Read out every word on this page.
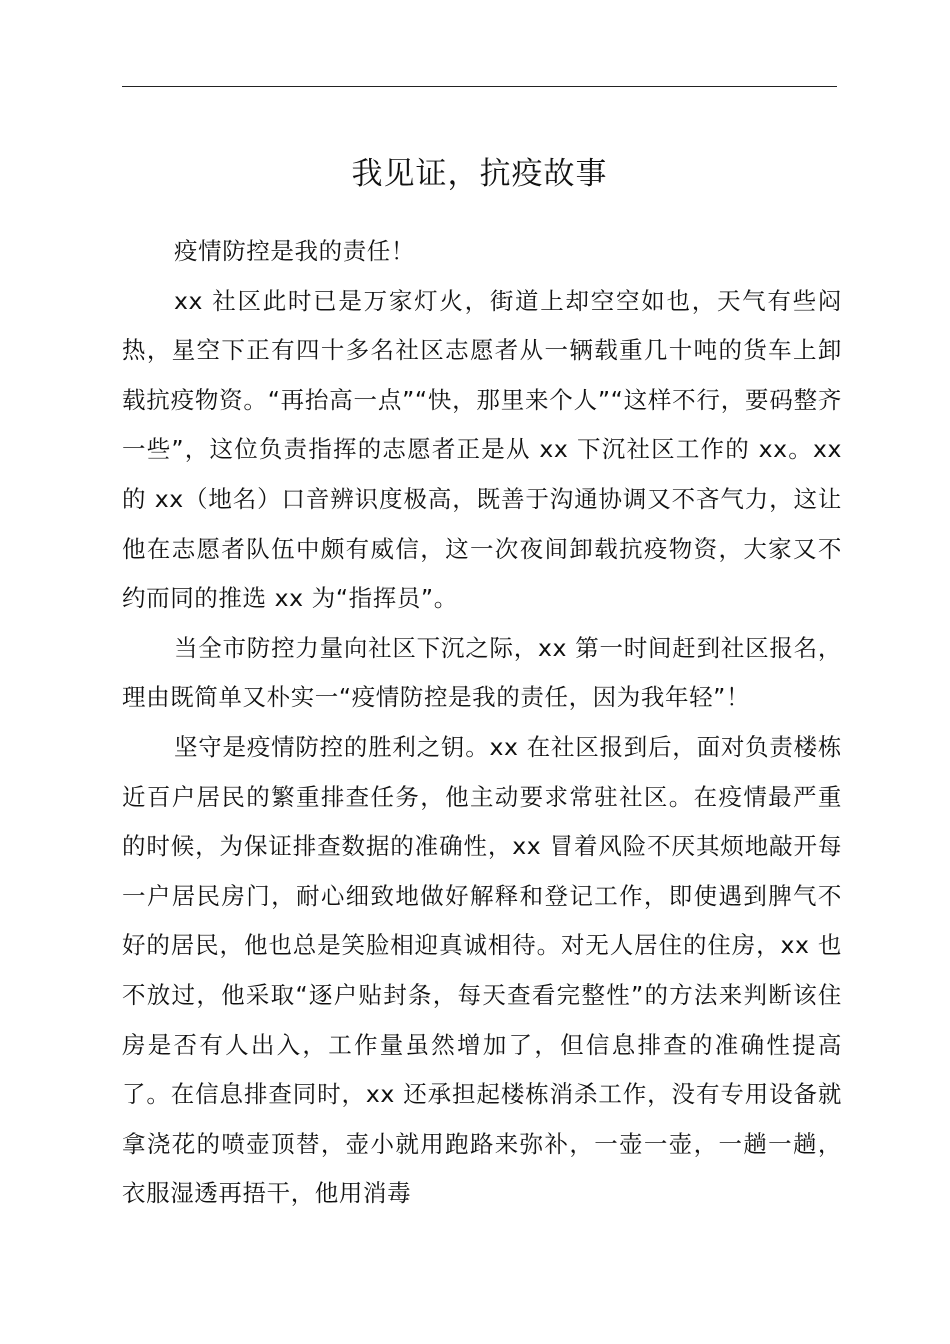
我见证，抗疫故事

疫情防控是我的责任！

xx 社区此时已是万家灯火，街道上却空空如也，天气有些闷热，星空下正有四十多名社区志愿者从一辆载重几十吨的货车上卸载抗疫物资。“再抬高一点”“快，那里来个人”“这样不行，要码整齐一些”，这位负责指挥的志愿者正是从 xx 下沉社区工作的 xx。xx 的 xx（地名）口音辨识度极高，既善于沟通协调又不吝气力，这让他在志愿者队伍中颇有威信，这一次夜间卸载抗疫物资，大家又不约而同的推选 xx 为“指挥员”。

当全市防控力量向社区下沉之际，xx 第一时间赶到社区报名，理由既简单又朴实一“疫情防控是我的责任，因为我年轻”！

坚守是疫情防控的胜利之钥。xx 在社区报到后，面对负责楼栋近百户居民的繁重排查任务，他主动要求常驻社区。在疫情最严重的时候，为保证排查数据的准确性，xx 冒着风险不厌其烦地敲开每一户居民房门，耐心细致地做好解释和登记工作，即使遇到脾气不好的居民，他也总是笑脸相迎真诚相待。对无人居住的住房，xx 也不放过，他采取“逐户贴封条，每天查看完整性”的方法来判断该住房是否有人出入，工作量虽然增加了，但信息排查的准确性提高了。在信息排查同时，xx 还承担起楼栋消杀工作，没有专用设备就拿浇花的喷壶顶替，壶小就用跑路来弥补，一壶一壶，一趟一趟，衣服湿透再捂干，他用消毒
